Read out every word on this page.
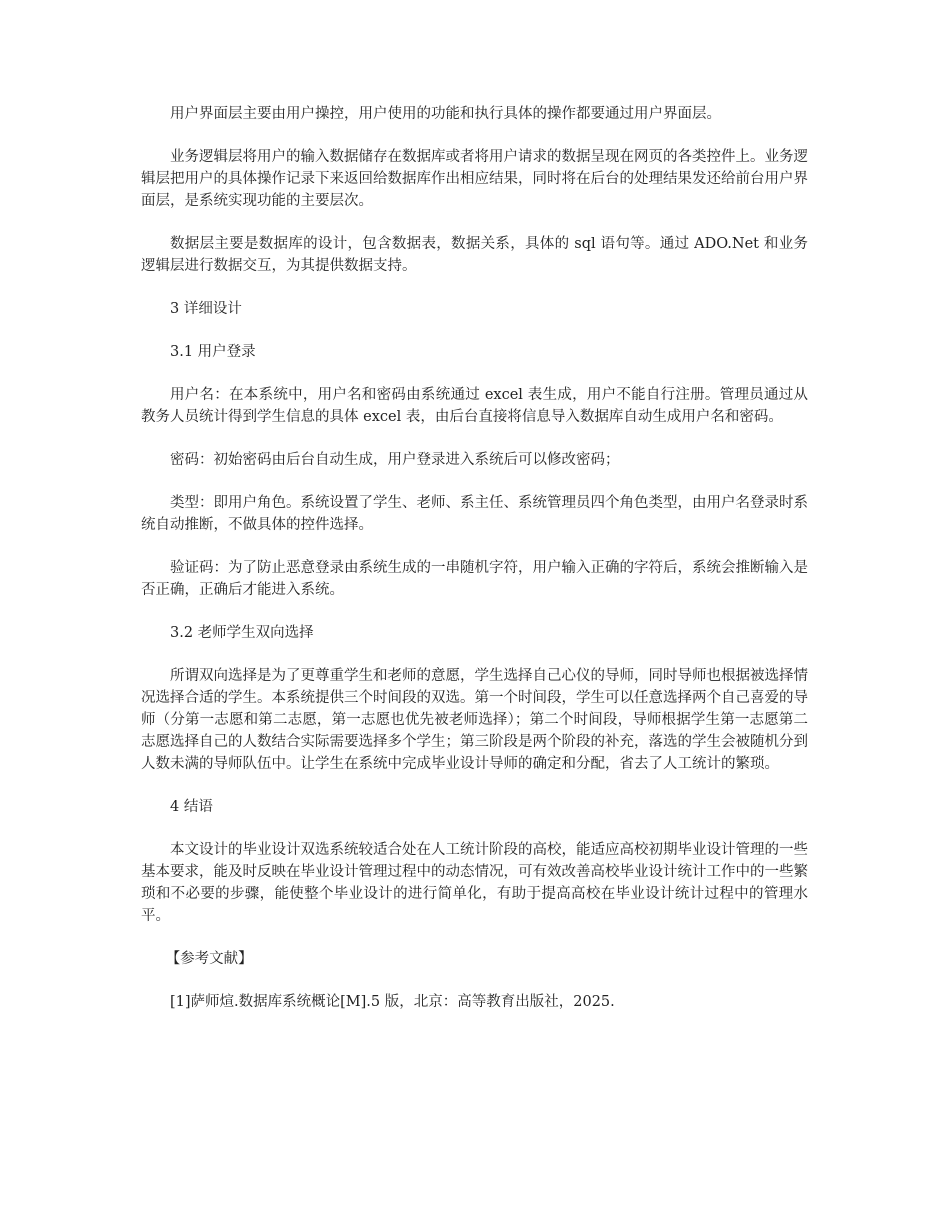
用户界面层主要由用户操控，用户使用的功能和执行具体的操作都要通过用户界面层。

业务逻辑层将用户的输入数据储存在数据库或者将用户请求的数据呈现在网页的各类控件上。业务逻辑层把用户的具体操作记录下来返回给数据库作出相应结果，同时将在后台的处理结果发还给前台用户界面层，是系统实现功能的主要层次。

数据层主要是数据库的设计，包含数据表，数据关系，具体的 sql 语句等。通过 ADO.Net 和业务逻辑层进行数据交互，为其提供数据支持。

3 详细设计

3.1 用户登录

用户名：在本系统中，用户名和密码由系统通过 excel 表生成，用户不能自行注册。管理员通过从教务人员统计得到学生信息的具体 excel 表，由后台直接将信息导入数据库自动生成用户名和密码。

密码：初始密码由后台自动生成，用户登录进入系统后可以修改密码；

类型：即用户角色。系统设置了学生、老师、系主任、系统管理员四个角色类型，由用户名登录时系统自动推断，不做具体的控件选择。

验证码：为了防止恶意登录由系统生成的一串随机字符，用户输入正确的字符后，系统会推断输入是否正确，正确后才能进入系统。

3.2 老师学生双向选择

所谓双向选择是为了更尊重学生和老师的意愿，学生选择自己心仪的导师，同时导师也根据被选择情况选择合适的学生。本系统提供三个时间段的双选。第一个时间段，学生可以任意选择两个自己喜爱的导师（分第一志愿和第二志愿，第一志愿也优先被老师选择）；第二个时间段，导师根据学生第一志愿第二志愿选择自己的人数结合实际需要选择多个学生；第三阶段是两个阶段的补充，落选的学生会被随机分到人数未满的导师队伍中。让学生在系统中完成毕业设计导师的确定和分配，省去了人工统计的繁琐。

4 结语

本文设计的毕业设计双选系统较适合处在人工统计阶段的高校，能适应高校初期毕业设计管理的一些基本要求，能及时反映在毕业设计管理过程中的动态情况，可有效改善高校毕业设计统计工作中的一些繁琐和不必要的步骤，能使整个毕业设计的进行简单化，有助于提高高校在毕业设计统计过程中的管理水平。

【参考文献】

[1]萨师煊.数据库系统概论[M].5 版，北京：高等教育出版社，2025.
